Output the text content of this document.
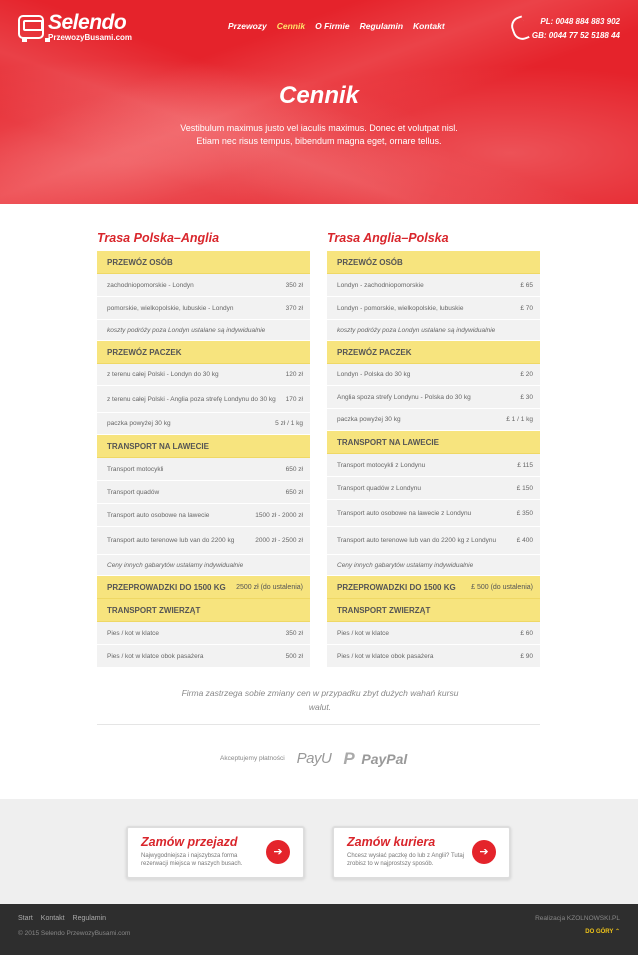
Selendo
PrzewozyBusami.com
Przewozy Cennik O Firmie Regulamin Kontakt	PL: 0048 884 883 902
GB: 0044 77 52 5188 44
Cennik
Vestibulum maximus justo vel iaculis maximus. Donec et volutpat nisl.
Etiam nec risus tempus, bibendum magna eget, ornare tellus.
Trasa Polska–Anglia
PRZEWÓZ OSÓB
zachodniopomorskie - Londyn	350 zł
pomorskie, wielkopolskie, lubuskie - Londyn	370 zł
koszty podróży poza Londyn ustalane są indywidualnie
PRZEWÓZ PACZEK
z terenu całej Polski - Londyn do 30 kg	120 zł
z terenu całej Polski - Anglia poza strefę Londynu do 30 kg	170 zł
paczka powyżej 30 kg	5 zł / 1 kg
TRANSPORT NA LAWECIE
Transport motocykli	650 zł
Transport quadów	650 zł
Transport auto osobowe na lawecie	1500 zł - 2000 zł
Transport auto terenowe lub van do 2200 kg	2000 zł - 2500 zł
Ceny innych gabarytów ustalamy indywidualnie
PRZEPROWADZKI DO 1500 KG 2500 zł (do ustalenia)
TRANSPORT ZWIERZĄT
Pies / kot w klatce	350 zł
Pies / kot w klatce obok pasażera	500 zł
Trasa Anglia–Polska
PRZEWÓZ OSÓB
Londyn - zachodniopomorskie	£ 65
Londyn - pomorskie, wielkopolskie, lubuskie	£ 70
koszty podróży poza Londyn ustalane są indywidualnie
PRZEWÓZ PACZEK
Londyn - Polska do 30 kg	£ 20
Anglia spoza strefy Londynu - Polska do 30 kg	£ 30
paczka powyżej 30 kg	£ 1 / 1 kg
TRANSPORT NA LAWECIE
Transport motocykli z Londynu	£ 115
Transport quadów z Londynu	£ 150
Transport auto osobowe na lawecie z Londynu	£ 350
Transport auto terenowe lub van do 2200 kg z Londynu	£ 400
Ceny innych gabarytów ustalamy indywidualnie
PRZEPROWADZKI DO 1500 KG £ 500 (do ustalenia)
TRANSPORT ZWIERZĄT
Pies / kot w klatce	£ 60
Pies / kot w klatce obok pasażera	£ 90
Firma zastrzega sobie zmiany cen w przypadku zbyt dużych wahań kursu walut.
Akceptujemy płatności PayU
P PayPal
Zamów przejazd
Najwygodniejsza i najszybsza forma rezerwacji miejsca w naszych busach.
➔
Zamów kuriera
Chcesz wysłać paczkę do lub z Anglii? Tutaj zrobisz to w najprostszy sposób.
➔
Start Kontakt Regulamin
© 2015 Selendo PrzewozyBusami.com
Realizacja KZOLNOWSKI.PL
DO GÓRY ⌃
